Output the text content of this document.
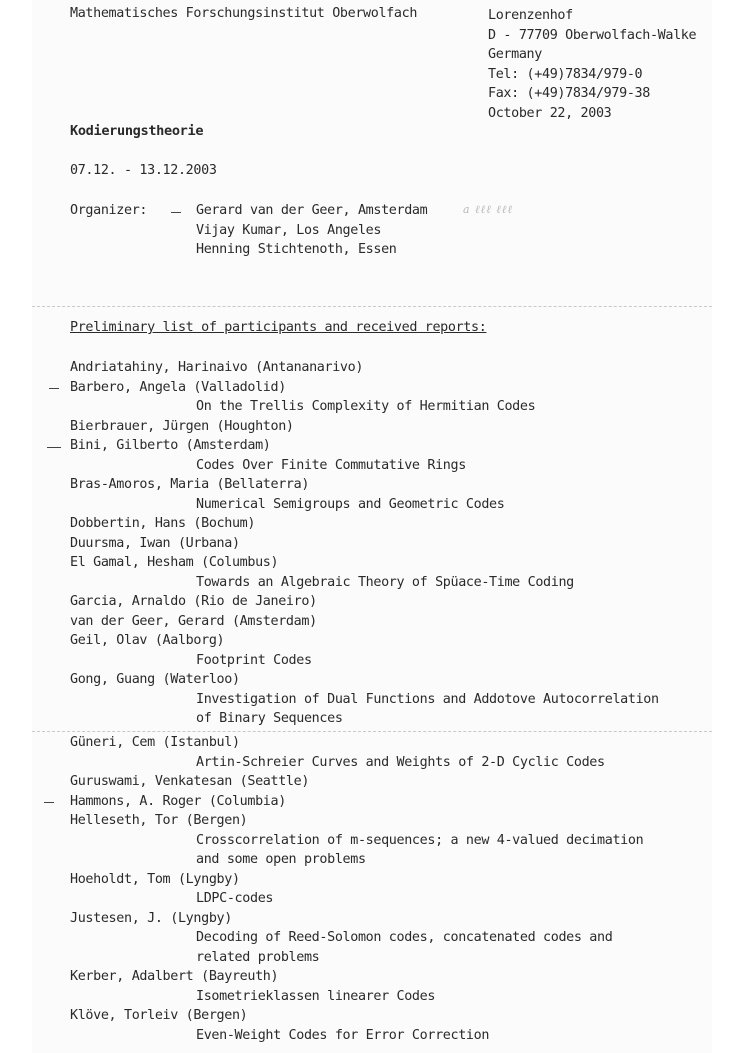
Mathematisches Forschungsinstitut Oberwolfach	Lorenzenhof
D - 77709 Oberwolfach-Walke
Germany
Tel: (+49)7834/979-0
Fax: (+49)7834/979-38
October 22, 2003
Kodierungstheorie
07.12. - 13.12.2003
Organizer:	Gerard van der Geer, Amsterdam
Vijay Kumar, Los Angeles
Henning Stichtenoth, Essen
a ℓℓℓ ℓℓℓ
Preliminary list of participants and received reports:
Andriatahiny, Harinaivo (Antananarivo)
Barbero, Angela (Valladolid)
On the Trellis Complexity of Hermitian Codes
Bierbrauer, Jürgen (Houghton)
Bini, Gilberto (Amsterdam)
Codes Over Finite Commutative Rings
Bras-Amoros, Maria (Bellaterra)
Numerical Semigroups and Geometric Codes
Dobbertin, Hans (Bochum)
Duursma, Iwan (Urbana)
El Gamal, Hesham (Columbus)
Towards an Algebraic Theory of Spüace-Time Coding
Garcia, Arnaldo (Rio de Janeiro)
van der Geer, Gerard (Amsterdam)
Geil, Olav (Aalborg)
Footprint Codes
Gong, Guang (Waterloo)
Investigation of Dual Functions and Addotove Autocorrelation
of Binary Sequences
Güneri, Cem (Istanbul)
Artin-Schreier Curves and Weights of 2-D Cyclic Codes
Guruswami, Venkatesan (Seattle)
Hammons, A. Roger (Columbia)
Helleseth, Tor (Bergen)
Crosscorrelation of m-sequences; a new 4-valued decimation
and some open problems
Hoeholdt, Tom (Lyngby)
LDPC-codes
Justesen, J. (Lyngby)
Decoding of Reed-Solomon codes, concatenated codes and
related problems
Kerber, Adalbert (Bayreuth)
Isometrieklassen linearer Codes
Klöve, Torleiv (Bergen)
Even-Weight Codes for Error Correction
